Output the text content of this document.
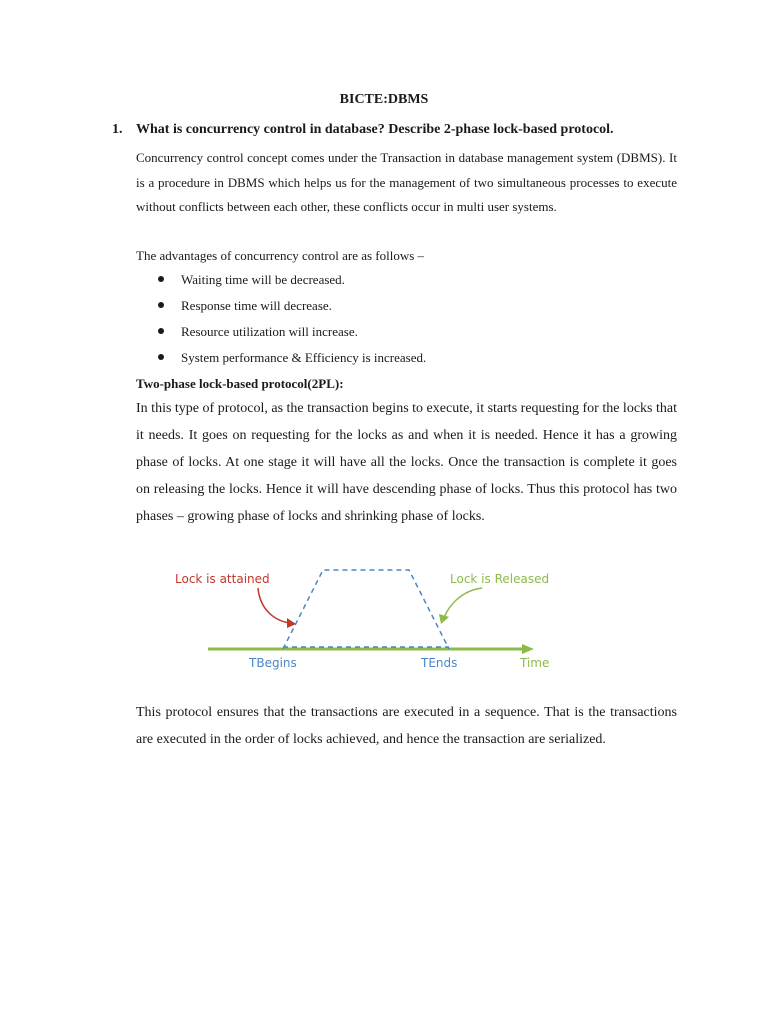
BICTE:DBMS
1. What is concurrency control in database? Describe 2-phase lock-based protocol.

Concurrency control concept comes under the Transaction in database management system (DBMS). It is a procedure in DBMS which helps us for the management of two simultaneous processes to execute without conflicts between each other, these conflicts occur in multi user systems.

The advantages of concurrency control are as follows –

Waiting time will be decreased.
Response time will decrease.
Resource utilization will increase.
System performance & Efficiency is increased.

Two-phase lock-based protocol(2PL):

In this type of protocol, as the transaction begins to execute, it starts requesting for the locks that it needs. It goes on requesting for the locks as and when it is needed. Hence it has a growing phase of locks. At one stage it will have all the locks. Once the transaction is complete it goes on releasing the locks. Hence it will have descending phase of locks. Thus this protocol has two phases – growing phase of locks and shrinking phase of locks.

Lock is attained	Lock is Released
TBegins	TEnds	Time

This protocol ensures that the transactions are executed in a sequence. That is the transactions are executed in the order of locks achieved, and hence the transaction are serialized.
